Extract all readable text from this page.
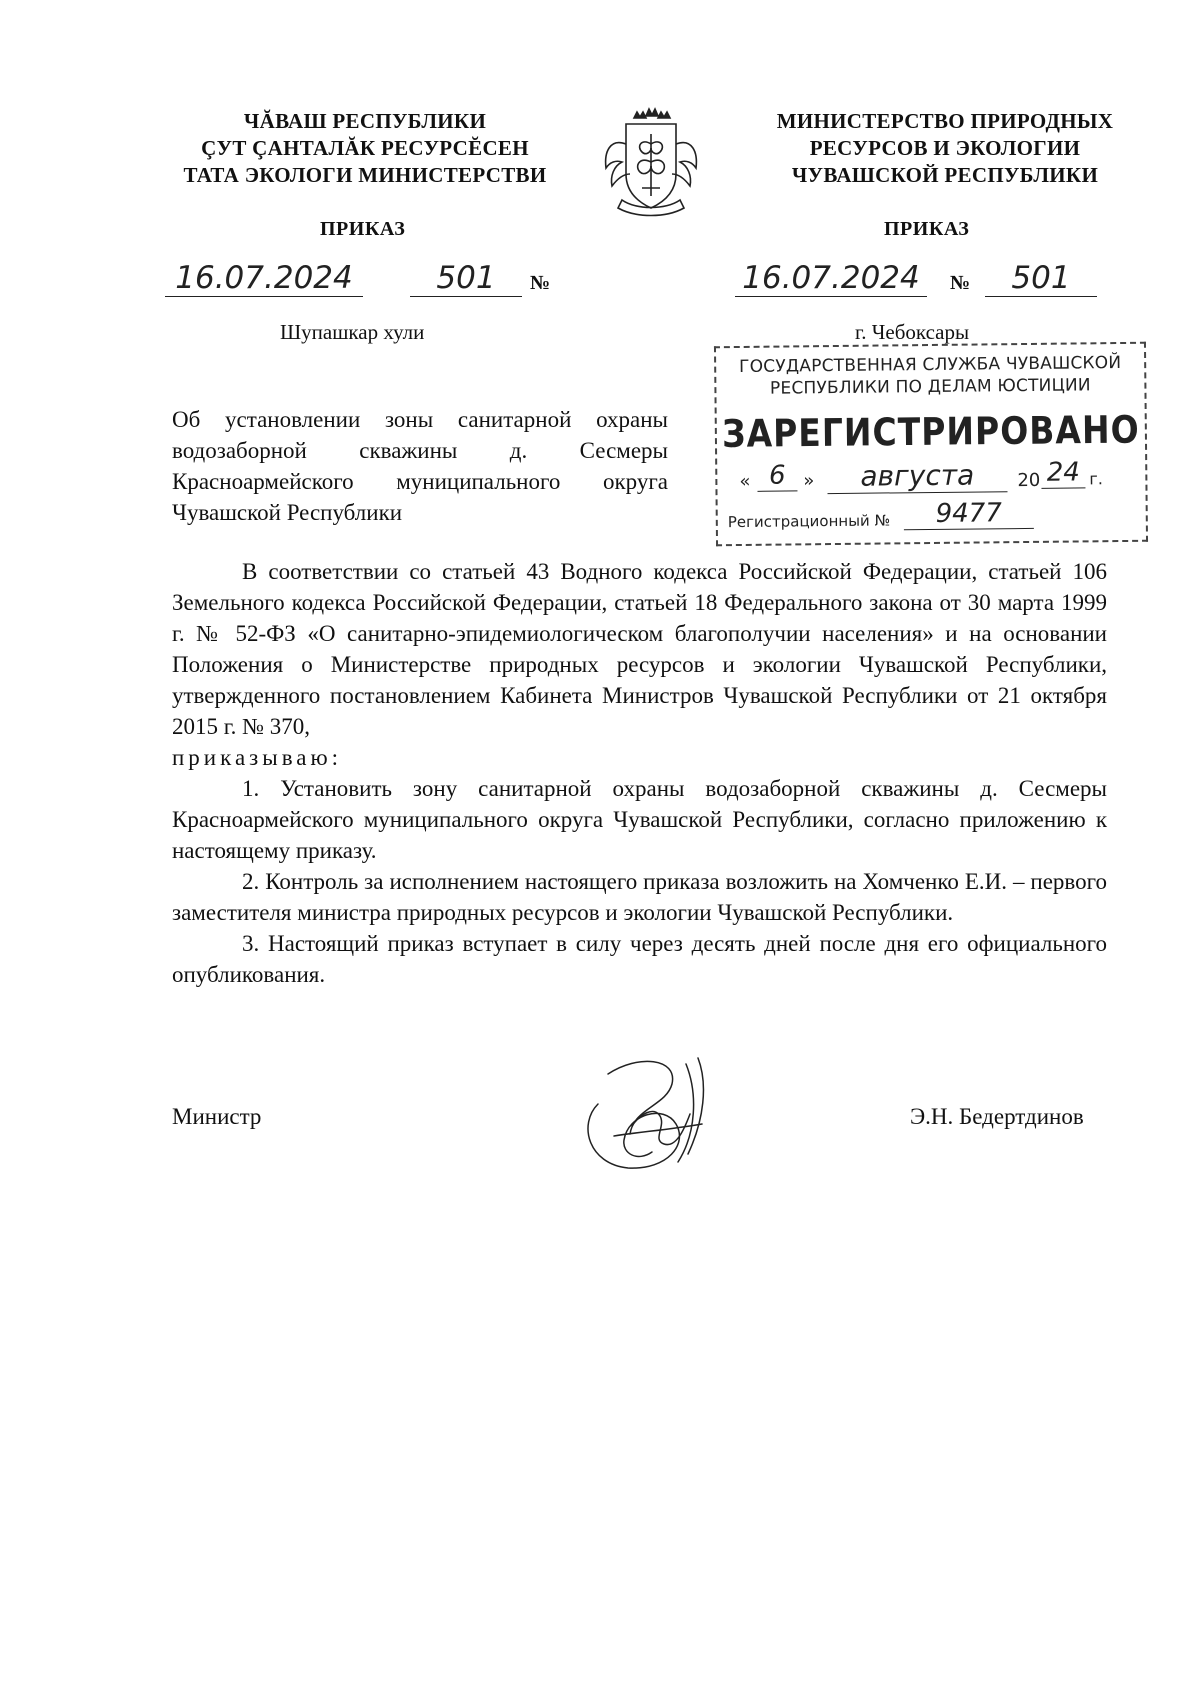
ЧĂВАШ РЕСПУБЛИКИ
ÇУТ ÇАНТАЛĂК РЕСУРСĔСЕН
ТАТА ЭКОЛОГИ МИНИСТЕРСТВИ
МИНИСТЕРСТВО ПРИРОДНЫХ
РЕСУРСОВ И ЭКОЛОГИИ
ЧУВАШСКОЙ РЕСПУБЛИКИ
ПРИКАЗ	ПРИКАЗ
16.07.2024	501	№	16.07.2024	№	501
Шупашкар хули	г. Чебоксары
ГОСУДАРСТВЕННАЯ СЛУЖБА ЧУВАШСКОЙ
РЕСПУБЛИКИ ПО ДЕЛАМ ЮСТИЦИИ
ЗАРЕГИСТРИРОВАНО
« 6 »	августа	20 24 г.
Регистрационный №	9477
Об установлении зоны санитарной охраны водозаборной скважины д. Сесмеры Красноармейского муниципального округа Чувашской Республики

В соответствии со статьей 43 Водного кодекса Российской Федерации, статьей 106 Земельного кодекса Российской Федерации, статьей 18 Федерального закона от 30 марта 1999 г. № 52-ФЗ «О санитарно-эпидемиологическом благополучии населения» и на основании Положения о Министерстве природных ресурсов и экологии Чувашской Республики, утвержденного постановлением Кабинета Министров Чувашской Республики от 21 октября 2015 г. № 370,

приказываю:

1. Установить зону санитарной охраны водозаборной скважины д. Сесмеры Красноармейского муниципального округа Чувашской Республики, согласно приложению к настоящему приказу.

2. Контроль за исполнением настоящего приказа возложить на Хомченко Е.И. – первого заместителя министра природных ресурсов и экологии Чувашской Республики.

3. Настоящий приказ вступает в силу через десять дней после дня его официального опубликования.

Министр	Э.Н. Бедертдинов
